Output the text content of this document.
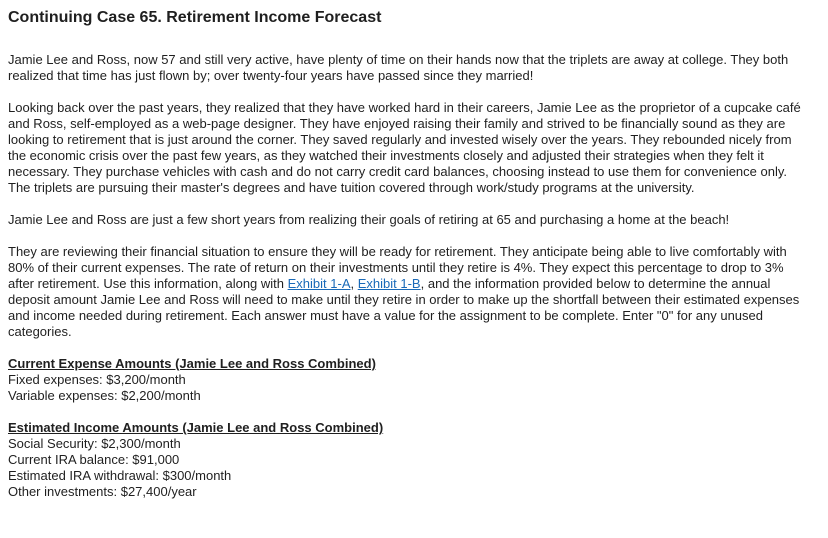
Continuing Case 65. Retirement Income Forecast

Jamie Lee and Ross, now 57 and still very active, have plenty of time on their hands now that the triplets are away at college. They both realized that time has just flown by; over twenty-four years have passed since they married!

Looking back over the past years, they realized that they have worked hard in their careers, Jamie Lee as the proprietor of a cupcake café and Ross, self-employed as a web-page designer. They have enjoyed raising their family and strived to be financially sound as they are looking to retirement that is just around the corner. They saved regularly and invested wisely over the years. They rebounded nicely from the economic crisis over the past few years, as they watched their investments closely and adjusted their strategies when they felt it necessary. They purchase vehicles with cash and do not carry credit card balances, choosing instead to use them for convenience only. The triplets are pursuing their master's degrees and have tuition covered through work/study programs at the university.

Jamie Lee and Ross are just a few short years from realizing their goals of retiring at 65 and purchasing a home at the beach!

They are reviewing their financial situation to ensure they will be ready for retirement. They anticipate being able to live comfortably with 80% of their current expenses. The rate of return on their investments until they retire is 4%. They expect this percentage to drop to 3% after retirement. Use this information, along with Exhibit 1-A, Exhibit 1-B, and the information provided below to determine the annual deposit amount Jamie Lee and Ross will need to make until they retire in order to make up the shortfall between their estimated expenses and income needed during retirement. Each answer must have a value for the assignment to be complete. Enter "0" for any unused categories.

Current Expense Amounts (Jamie Lee and Ross Combined)
Fixed expenses: $3,200/month
Variable expenses: $2,200/month
Estimated Income Amounts (Jamie Lee and Ross Combined)
Social Security: $2,300/month
Current IRA balance: $91,000
Estimated IRA withdrawal: $300/month
Other investments: $27,400/year
